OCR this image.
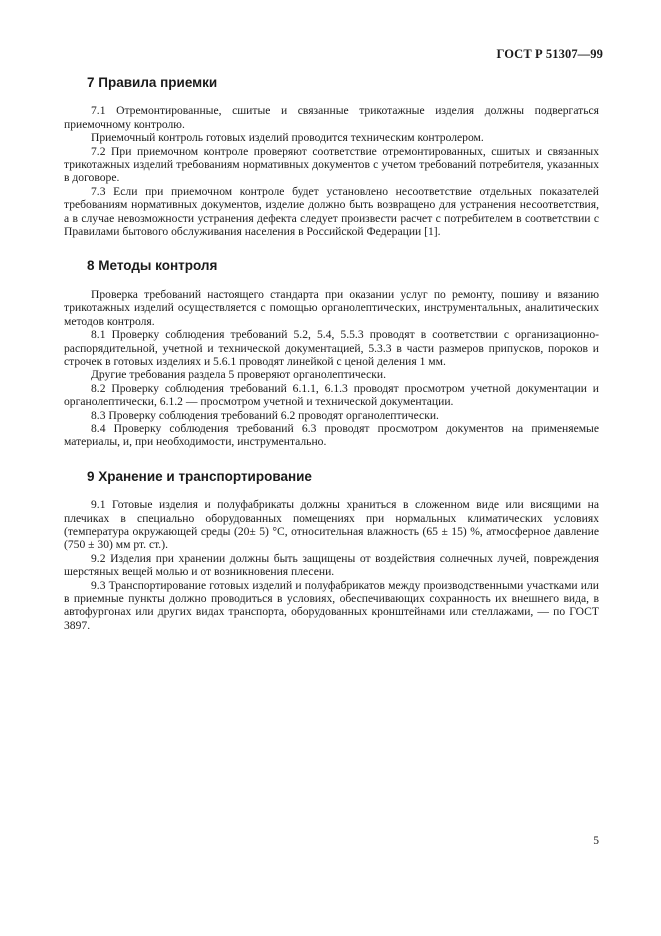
ГОСТ Р 51307—99
7 Правила приемки

7.1 Отремонтированные, сшитые и связанные трикотажные изделия должны подвергаться приемочному контролю.

Приемочный контроль готовых изделий проводится техническим контролером.

7.2 При приемочном контроле проверяют соответствие отремонтированных, сшитых и связанных трикотажных изделий требованиям нормативных документов с учетом требований потребителя, указанных в договоре.

7.3 Если при приемочном контроле будет установлено несоответствие отдельных показателей требованиям нормативных документов, изделие должно быть возвращено для устранения несоответствия, а в случае невозможности устранения дефекта следует произвести расчет с потребителем в соответствии с Правилами бытового обслуживания населения в Российской Федерации [1].

8 Методы контроля

Проверка требований настоящего стандарта при оказании услуг по ремонту, пошиву и вязанию трикотажных изделий осуществляется с помощью органолептических, инструментальных, аналитических методов контроля.

8.1 Проверку соблюдения требований 5.2, 5.4, 5.5.3 проводят в соответствии с организационно-распорядительной, учетной и технической документацией, 5.3.3 в части размеров припусков, пороков и строчек в готовых изделиях и 5.6.1 проводят линейкой с ценой деления 1 мм.

Другие требования раздела 5 проверяют органолептически.

8.2 Проверку соблюдения требований 6.1.1, 6.1.3 проводят просмотром учетной документации и органолептически, 6.1.2 — просмотром учетной и технической документации.

8.3 Проверку соблюдения требований 6.2 проводят органолептически.

8.4 Проверку соблюдения требований 6.3 проводят просмотром документов на применяемые материалы, и, при необходимости, инструментально.

9 Хранение и транспортирование

9.1 Готовые изделия и полуфабрикаты должны храниться в сложенном виде или висящими на плечиках в специально оборудованных помещениях при нормальных климатических условиях (температура окружающей среды (20± 5) °С, относительная влажность (65 ± 15) %, атмосферное давление (750 ± 30) мм рт. ст.).

9.2 Изделия при хранении должны быть защищены от воздействия солнечных лучей, повреждения шерстяных вещей молью и от возникновения плесени.

9.3 Транспортирование готовых изделий и полуфабрикатов между производственными участками или в приемные пункты должно проводиться в условиях, обеспечивающих сохранность их внешнего вида, в автофургонах или других видах транспорта, оборудованных кронштейнами или стеллажами, — по ГОСТ 3897.

5
